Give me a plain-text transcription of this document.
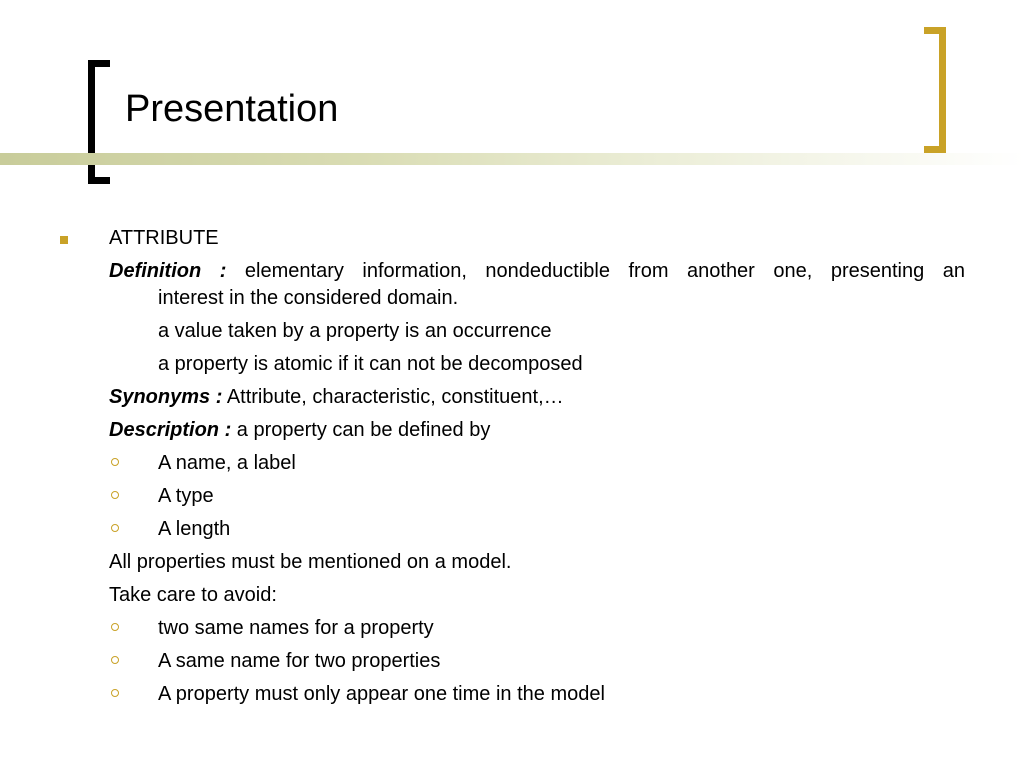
Presentation
ATTRIBUTE
Definition : elementary information, nondeductible from another one, presenting an
interest in the considered domain.
a value taken by a property is an occurrence
a property is atomic if it can not be decomposed
Synonyms : Attribute, characteristic, constituent,…
Description : a property can be defined by
A name, a label
A type
A length
All properties must be mentioned on a model.
Take care to avoid:
two same names for a property
A same name for two properties
A property must only appear one time in the model
